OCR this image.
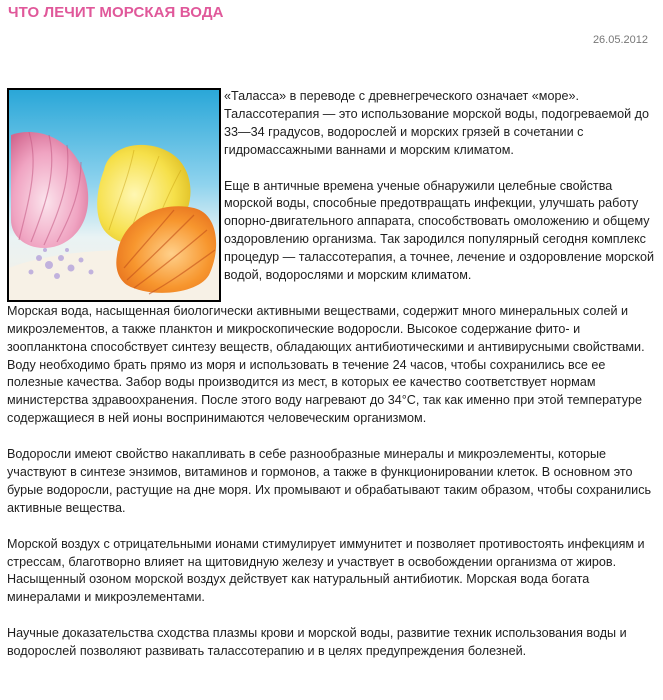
ЧТО ЛЕЧИТ МОРСКАЯ ВОДА
26.05.2012

«Таласса» в переводе с древнегреческого означает «море». Талассотерапия — это использование морской воды, подогреваемой до 33—34 градусов, водорослей и морских грязей в сочетании с гидромассажными ваннами и морским климатом.

Еще в античные времена ученые обнаружили целебные свойства морской воды, способные предотвращать инфекции, улучшать работу опорно-двигательного аппарата, способствовать омоложению и общему оздоровлению организма. Так зародился популярный сегодня комплекс процедур — талассотерапия, а точнее, лечение и оздоровление морской водой, водорослями и морским климатом.

Морская вода, насыщенная биологически активными веществами, содержит много минеральных солей и микроэлементов, а также планктон и микроскопические водоросли. Высокое содержание фито- и зоопланктона способствует синтезу веществ, обладающих антибиотическими и антивирусными свойствами. Воду необходимо брать прямо из моря и использовать в течение 24 часов, чтобы сохранились все ее полезные качества. Забор воды производится из мест, в которых ее качество соответствует нормам министерства здравоохранения. После этого воду нагревают до 34°С, так как именно при этой температуре содержащиеся в ней ионы воспринимаются человеческим организмом.

Водоросли имеют свойство накапливать в себе разнообразные минералы и микроэлементы, которые участвуют в синтезе энзимов, витаминов и гормонов, а также в функционировании клеток. В основном это бурые водоросли, растущие на дне моря. Их промывают и обрабатывают таким образом, чтобы сохранились активные вещества.

Морской воздух с отрицательными ионами стимулирует иммунитет и позволяет противостоять инфекциям и стрессам, благотворно влияет на щитовидную железу и участвует в освобождении организма от жиров. Насыщенный озоном морской воздух действует как натуральный антибиотик. Морская вода богата минералами и микроэлементами.

Научные доказательства сходства плазмы крови и морской воды, развитие техник использования воды и водорослей позволяют развивать талассотерапию и в целях предупреждения болезней.
